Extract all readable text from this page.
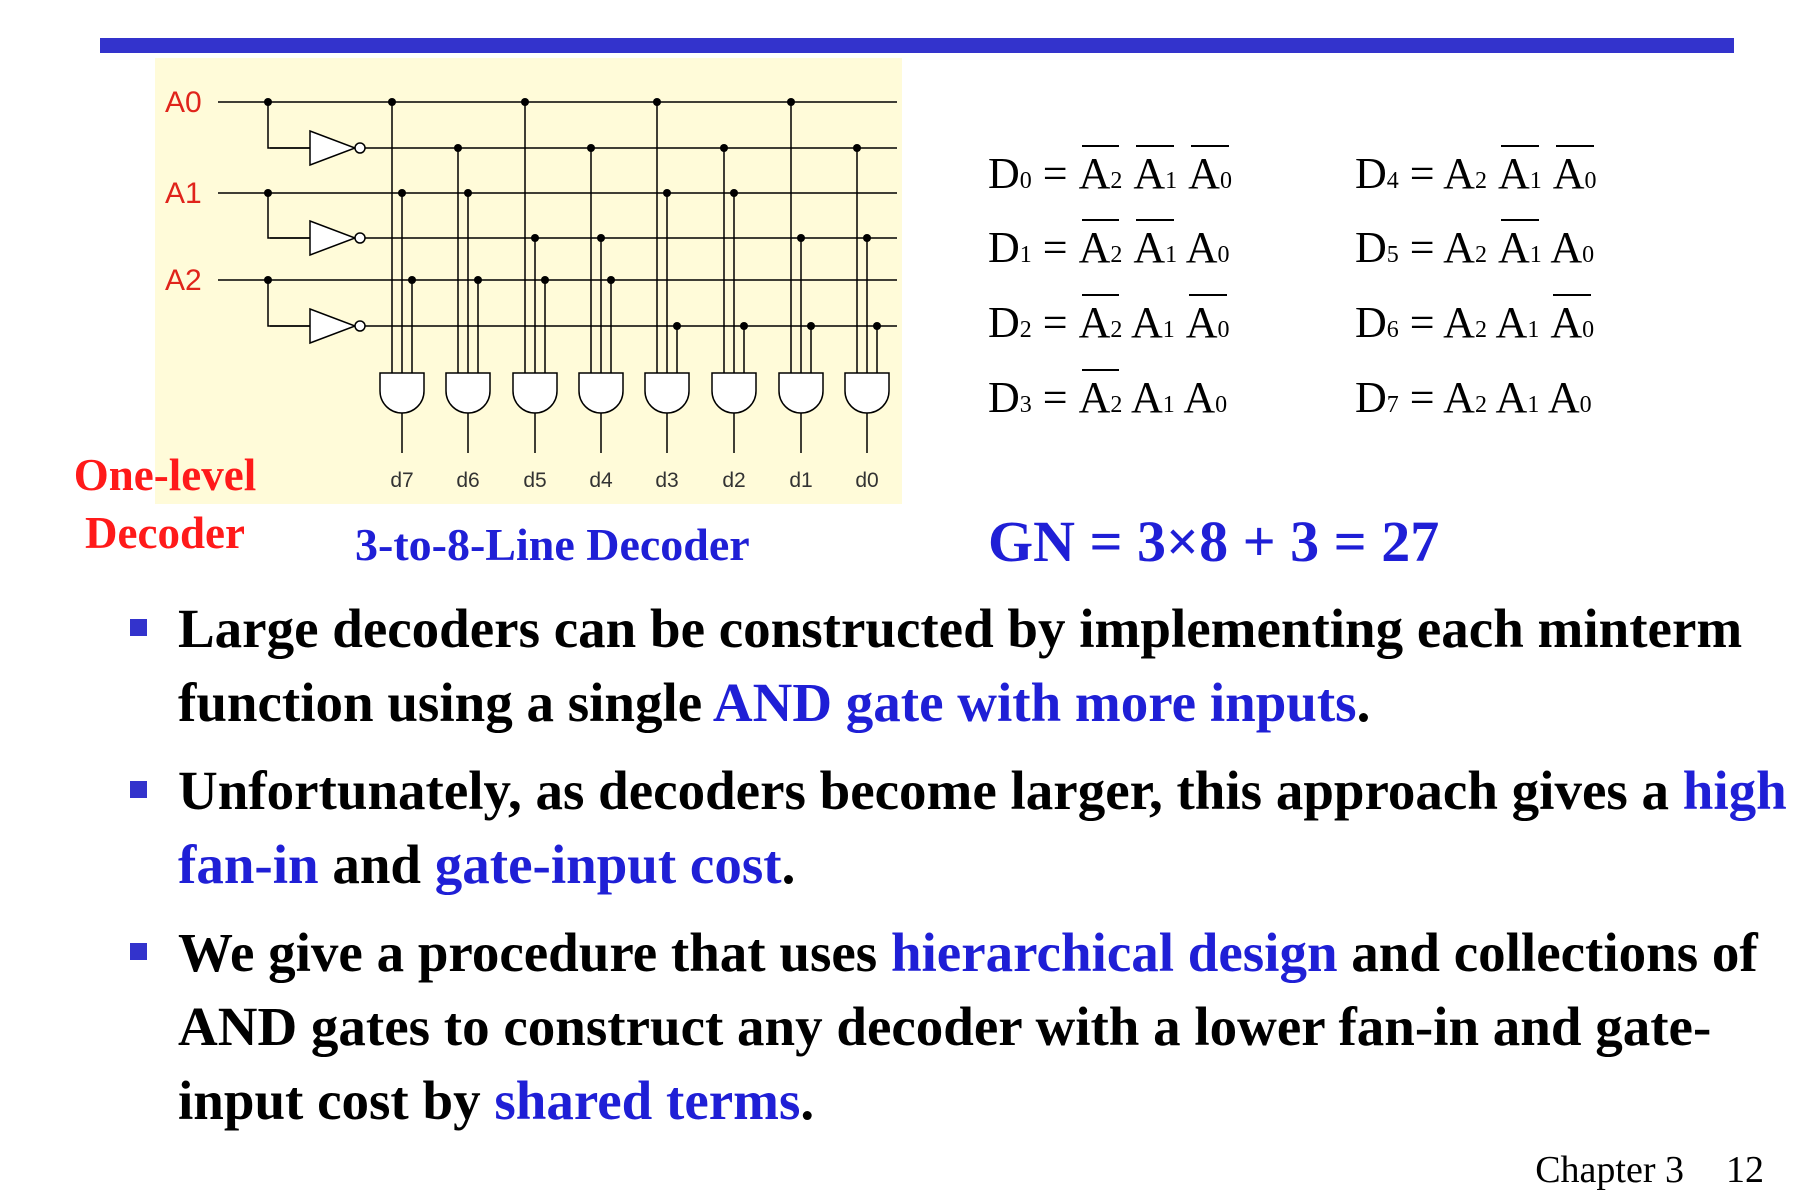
A0
A1
A2
d7 d6 d5 d4 d3 d2 d1 d0
One-level
Decoder	3-to-8-Line Decoder	GN = 3×8 + 3 = 27
D0 = A2 A1 A0
D1 = A2 A1 A0
D2 = A2 A1 A0
D3 = A2 A1 A0
D4 = A2 A1 A0
D5 = A2 A1 A0
D6 = A2 A1 A0
D7 = A2 A1 A0
Large decoders can be constructed by implementing each minterm function using a single AND gate with more inputs.
Unfortunately, as decoders become larger, this approach gives a high fan-in and gate-input cost.
We give a procedure that uses hierarchical design and collections of AND gates to construct any decoder with a lower fan-in and gate-input cost by shared terms.
Chapter 3 12
